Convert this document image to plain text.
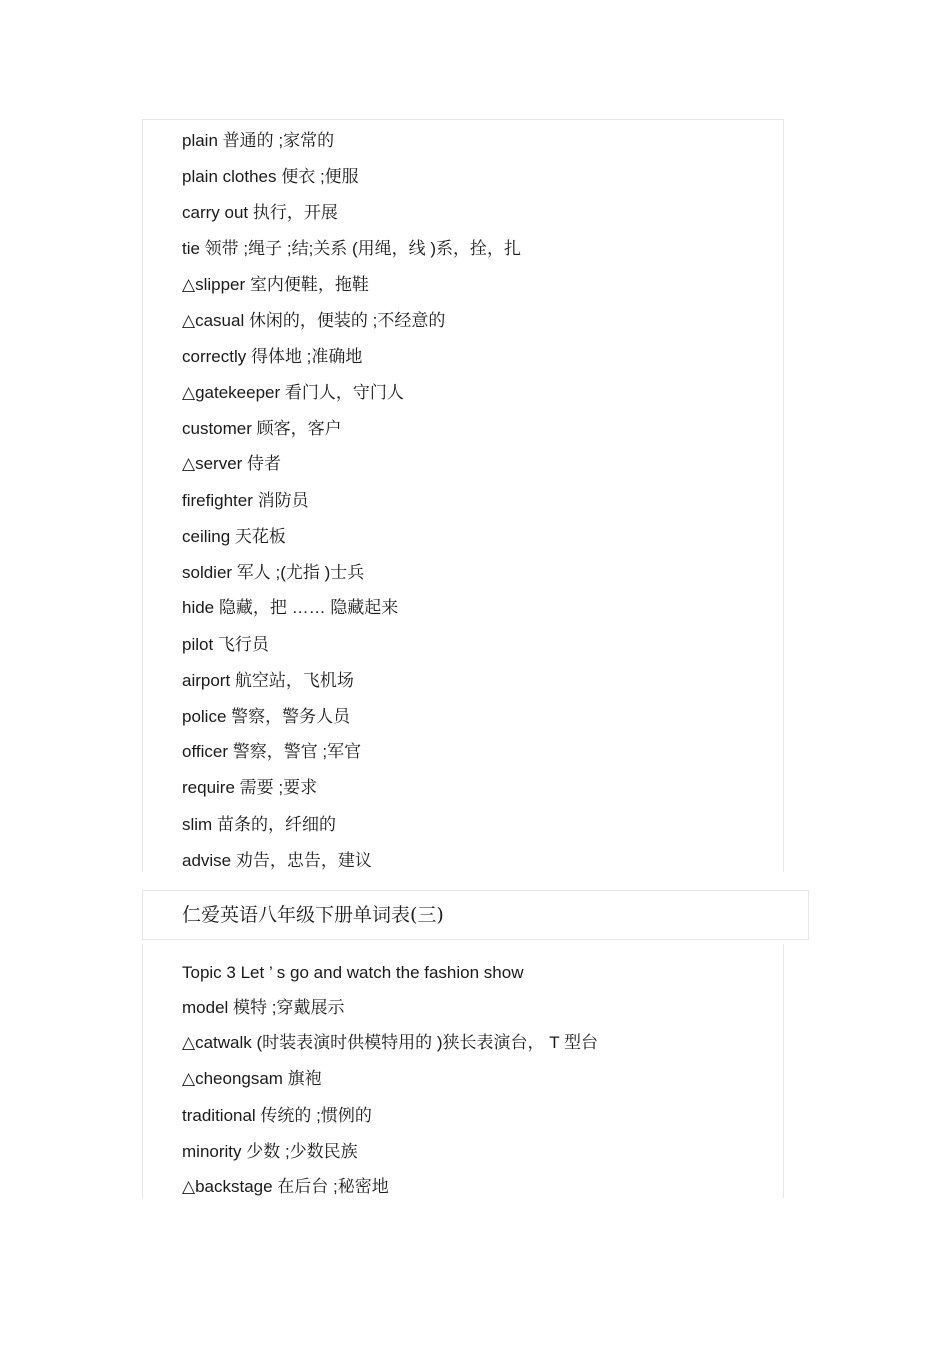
plain 普通的 ;家常的
plain clothes 便衣 ;便服
carry out 执行，开展
tie 领带 ;绳子 ;结;关系 (用绳，线 )系，拴，扎
△slipper 室内便鞋，拖鞋
△casual 休闲的，便装的 ;不经意的
correctly 得体地 ;准确地
△gatekeeper 看门人，守门人
customer 顾客，客户
△server 侍者
firefighter 消防员
ceiling 天花板
soldier 军人 ;(尤指 )士兵
hide 隐藏，把 …… 隐藏起来
pilot 飞行员
airport 航空站，飞机场
police 警察，警务人员
officer 警察，警官 ;军官
require 需要 ;要求
slim 苗条的，纤细的
advise 劝告，忠告，建议
仁爱英语八年级下册单词表(三)
Topic 3 Let ’ s go and watch the fashion show
model 模特 ;穿戴展示
△catwalk (时装表演时供模特用的 )狭长表演台， T 型台
△cheongsam 旗袍
traditional 传统的 ;惯例的
minority 少数 ;少数民族
△backstage 在后台 ;秘密地
